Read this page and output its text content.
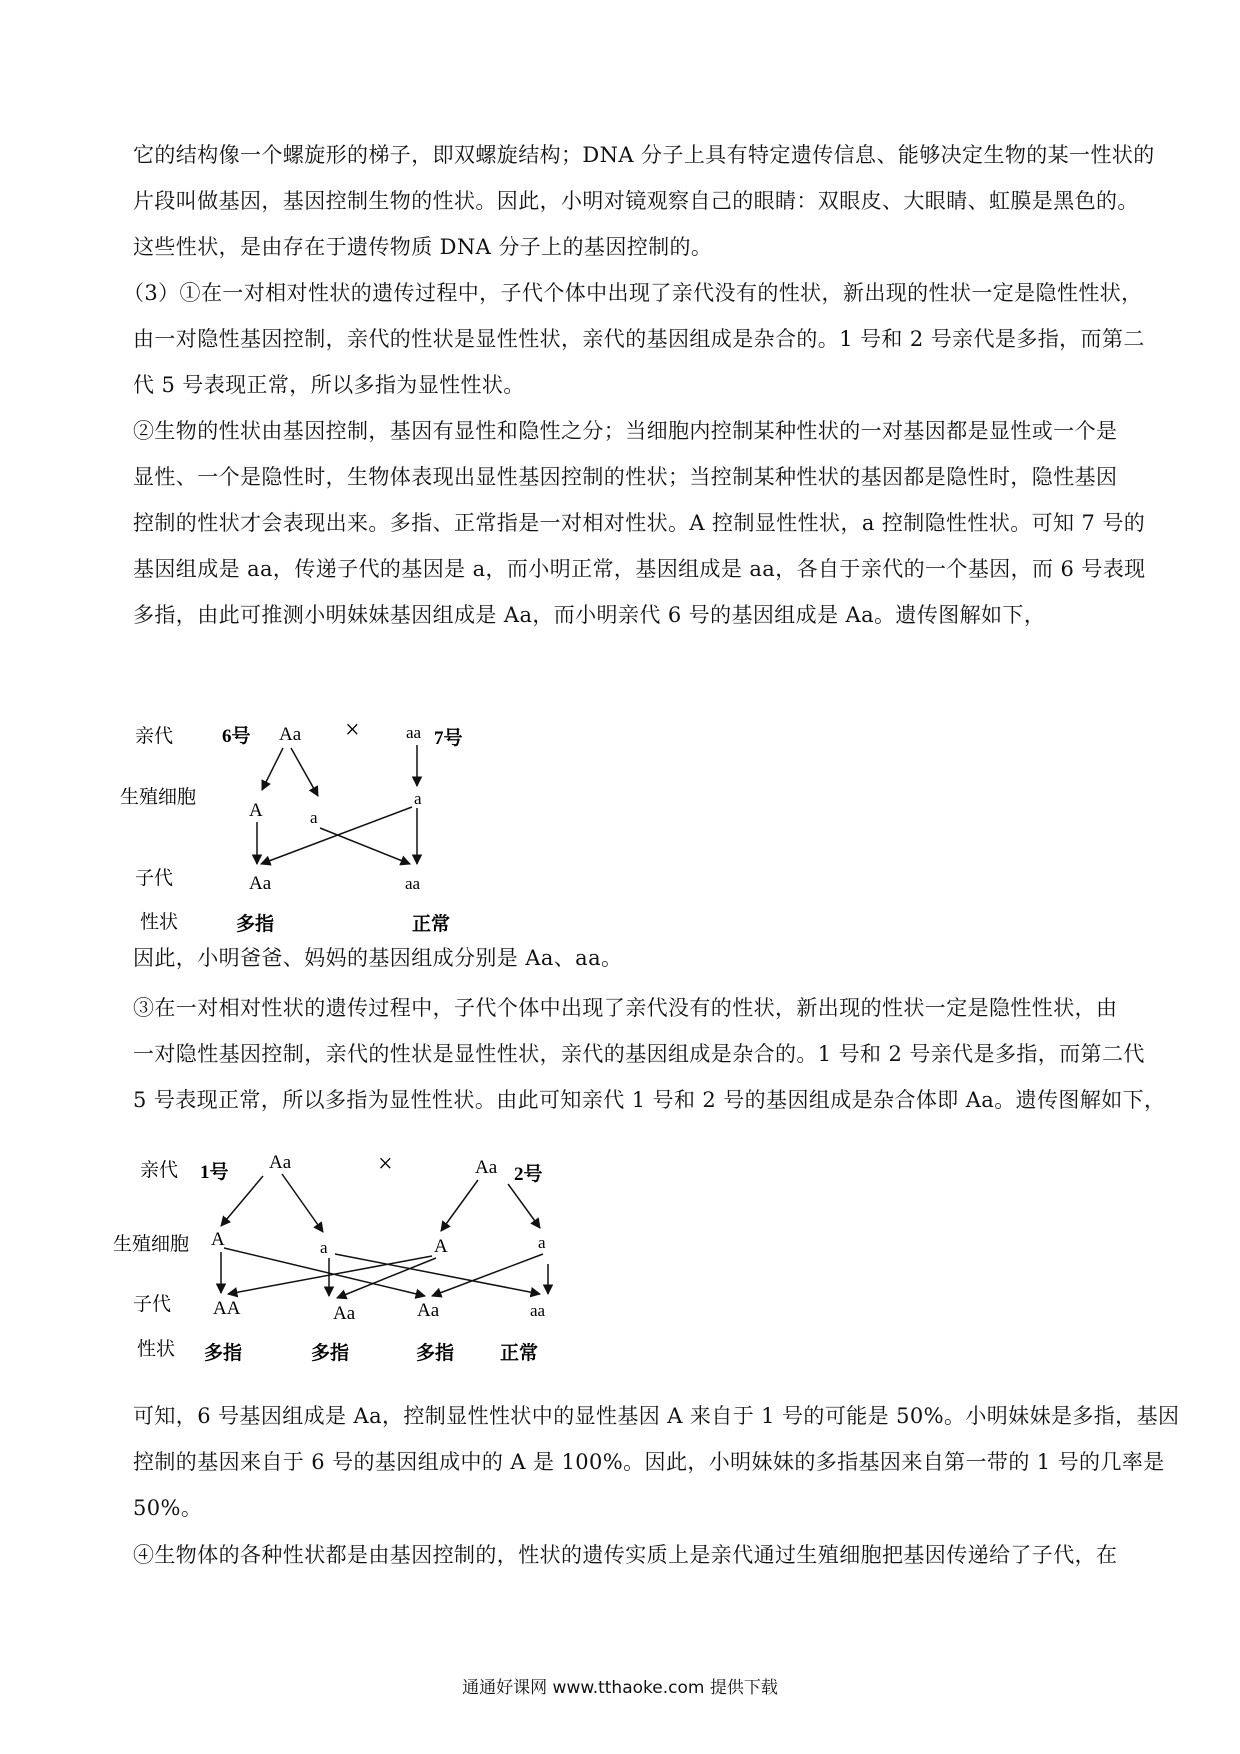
它的结构像一个螺旋形的梯子，即双螺旋结构；DNA 分子上具有特定遗传信息、能够决定生物的某一性状的
片段叫做基因，基因控制生物的性状。因此，小明对镜观察自己的眼睛：双眼皮、大眼睛、虹膜是黑色的。
这些性状，是由存在于遗传物质 DNA 分子上的基因控制的。
（3）①在一对相对性状的遗传过程中，子代个体中出现了亲代没有的性状，新出现的性状一定是隐性性状，
由一对隐性基因控制，亲代的性状是显性性状，亲代的基因组成是杂合的。1 号和 2 号亲代是多指，而第二
代 5 号表现正常，所以多指为显性性状。
②生物的性状由基因控制，基因有显性和隐性之分；当细胞内控制某种性状的一对基因都是显性或一个是
显性、一个是隐性时，生物体表现出显性基因控制的性状；当控制某种性状的基因都是隐性时，隐性基因
控制的性状才会表现出来。多指、正常指是一对相对性状。A 控制显性性状，a 控制隐性性状。可知 7 号的
基因组成是 aa，传递子代的基因是 a，而小明正常，基因组成是 aa，各自于亲代的一个基因，而 6 号表现
多指，由此可推测小明妹妹基因组成是 Aa，而小明亲代 6 号的基因组成是 Aa。遗传图解如下，
因此，小明爸爸、妈妈的基因组成分别是 Aa、aa。
③在一对相对性状的遗传过程中，子代个体中出现了亲代没有的性状，新出现的性状一定是隐性性状，由
一对隐性基因控制，亲代的性状是显性性状，亲代的基因组成是杂合的。1 号和 2 号亲代是多指，而第二代
5 号表现正常，所以多指为显性性状。由此可知亲代 1 号和 2 号的基因组成是杂合体即 Aa。遗传图解如下，
可知，6 号基因组成是 Aa，控制显性性状中的显性基因 A 来自于 1 号的可能是 50%。小明妹妹是多指，基因
控制的基因来自于 6 号的基因组成中的 A 是 100%。因此，小明妹妹的多指基因来自第一带的 1 号的几率是
50%。
④生物体的各种性状都是由基因控制的，性状的遗传实质上是亲代通过生殖细胞把基因传递给了子代，在
亲代
生殖细胞
子代
性状
6号 Aa ×	aa 7号
A	a
a
Aa	aa
多指	正常
亲代
生殖细胞
子代
性状
1号 Aa	×	Aa 2号
A	a	A	a
AA	Aa	Aa	aa
多指	多指	多指 正常
通通好课网 www.tthaoke.com 提供下载
